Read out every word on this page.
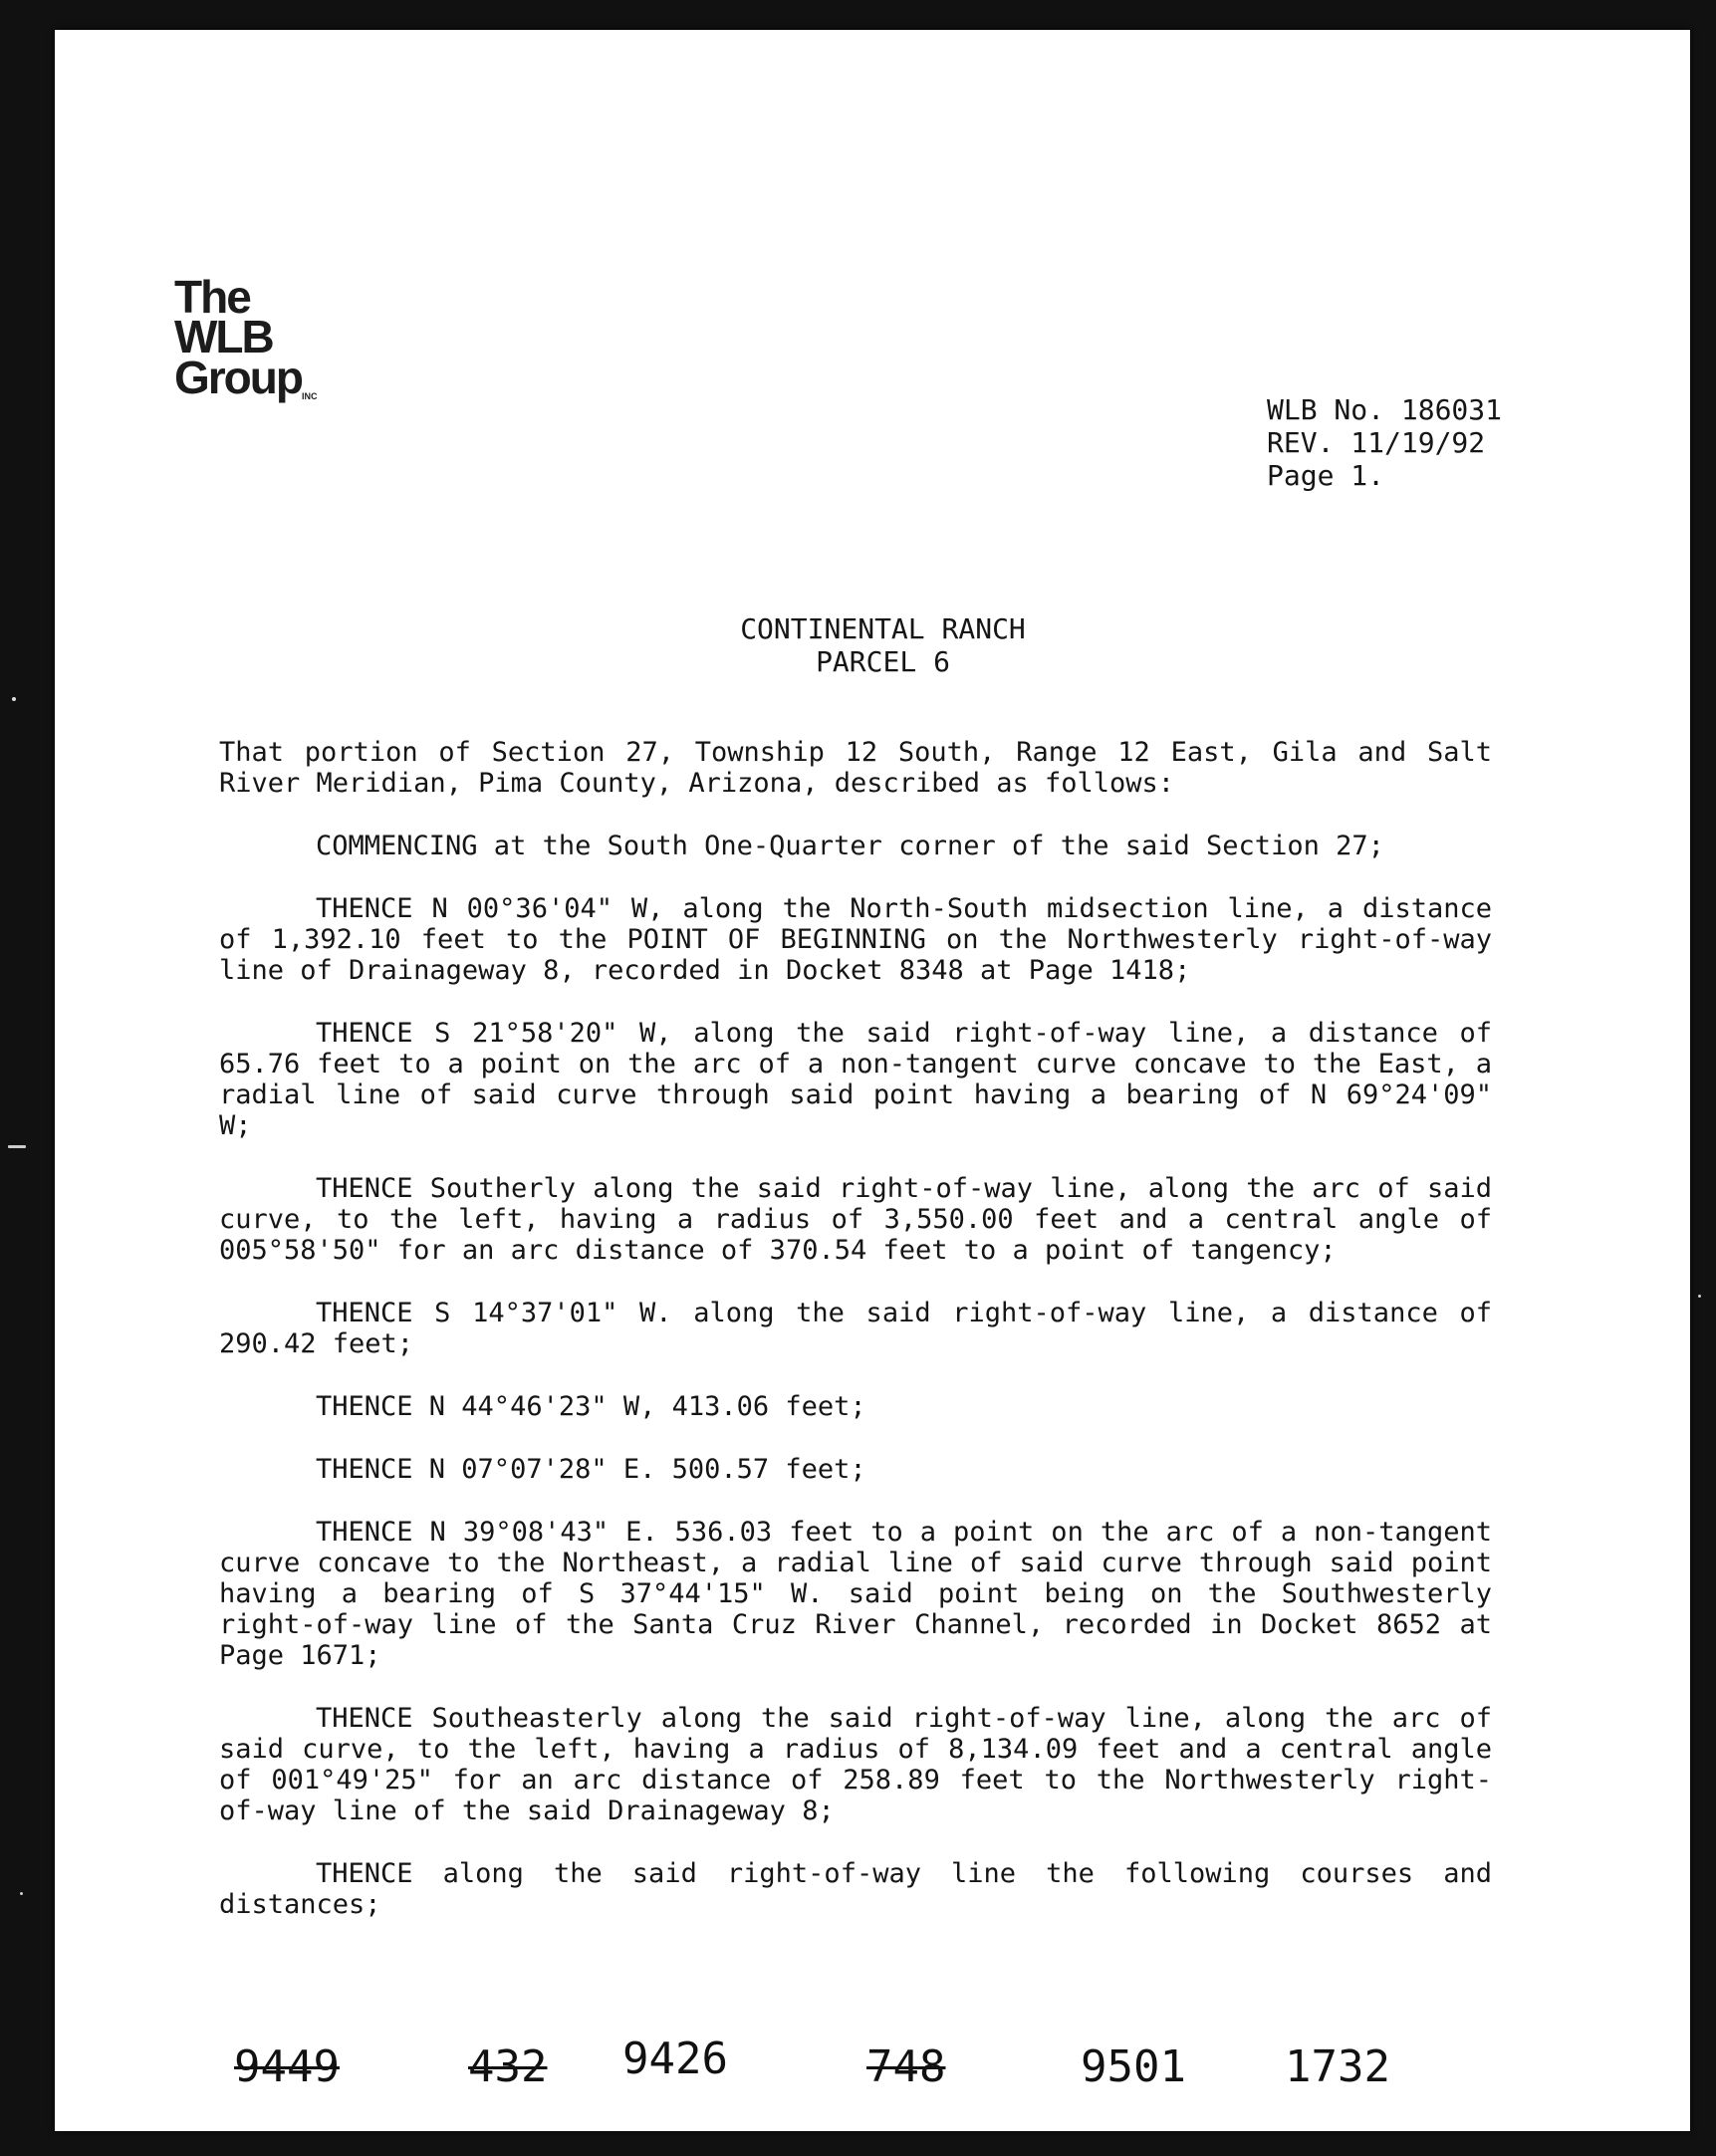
The
WLB
Group INC	WLB No. 186031
REV. 11/19/92
Page 1.
CONTINENTAL RANCH
PARCEL 6

That portion of Section 27, Township 12 South, Range 12 East, Gila and Salt River Meridian, Pima County, Arizona, described as follows:

COMMENCING at the South One-Quarter corner of the said Section 27;

THENCE N 00°36'04" W, along the North-South midsection line, a distance of 1,392.10 feet to the POINT OF BEGINNING on the Northwesterly right-of-way line of Drainageway 8, recorded in Docket 8348 at Page 1418;

THENCE S 21°58'20" W, along the said right-of-way line, a distance of 65.76 feet to a point on the arc of a non-tangent curve concave to the East, a radial line of said curve through said point having a bearing of N 69°24'09" W;

THENCE Southerly along the said right-of-way line, along the arc of said curve, to the left, having a radius of 3,550.00 feet and a central angle of 005°58'50" for an arc distance of 370.54 feet to a point of tangency;

THENCE S 14°37'01" W. along the said right-of-way line, a distance of 290.42 feet;

THENCE N 44°46'23" W, 413.06 feet;

THENCE N 07°07'28" E. 500.57 feet;

THENCE N 39°08'43" E. 536.03 feet to a point on the arc of a non-tangent curve concave to the Northeast, a radial line of said curve through said point having a bearing of S 37°44'15" W. said point being on the Southwesterly right-of-way line of the Santa Cruz River Channel, recorded in Docket 8652 at Page 1671;

THENCE Southeasterly along the said right-of-way line, along the arc of said curve, to the left, having a radius of 8,134.09 feet and a central angle of 001°49'25" for an arc distance of 258.89 feet to the Northwesterly right-of-way line of the said Drainageway 8;

THENCE along the said right-of-way line the following courses and distances;

9449	432 9426	748	9501 1732
